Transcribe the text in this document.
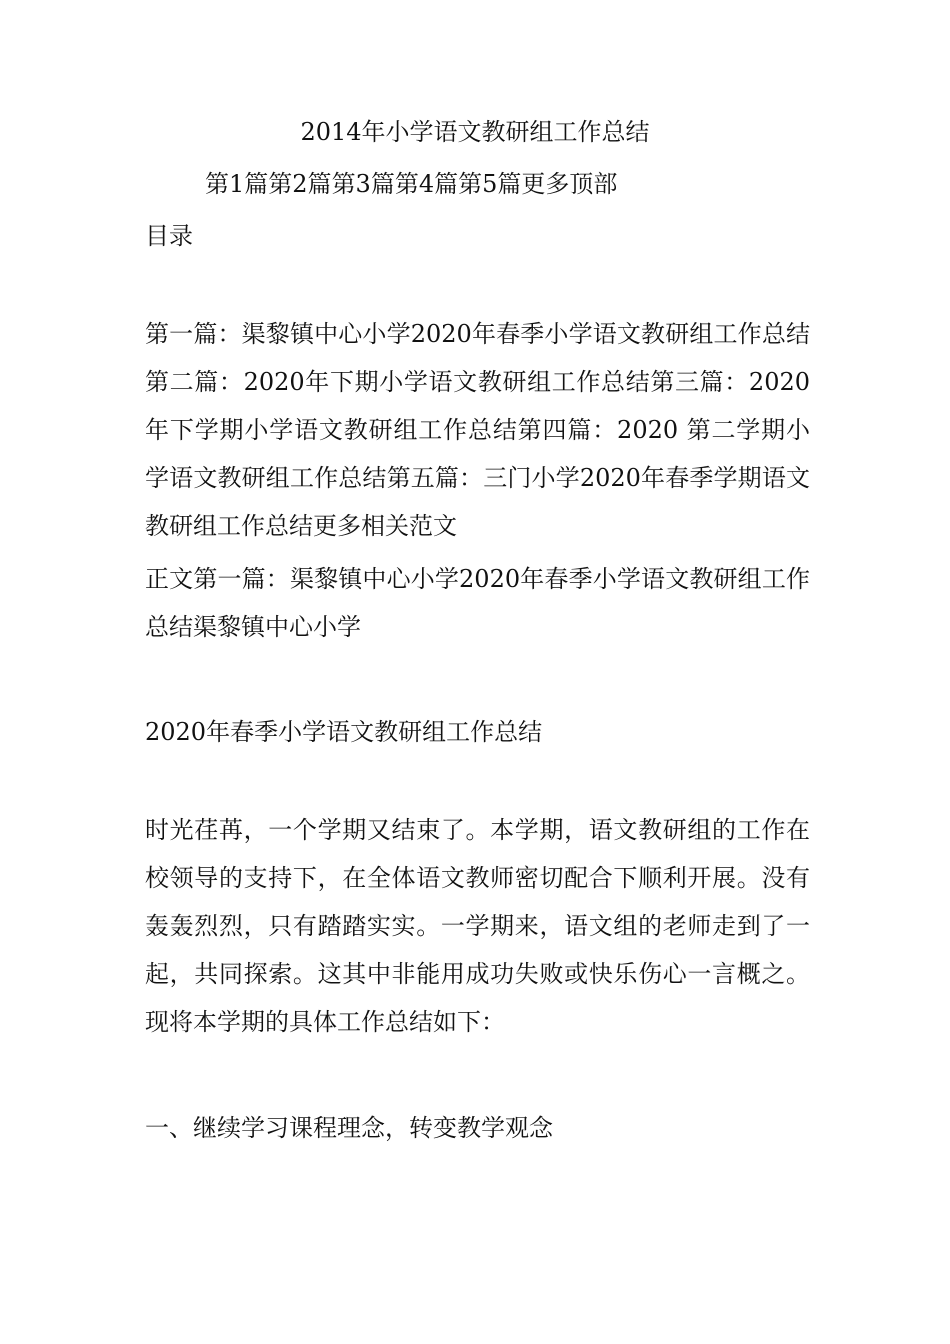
2014年小学语文教研组工作总结
第1篇第2篇第3篇第4篇第5篇更多顶部
目录
第一篇：渠黎镇中心小学2020年春季小学语文教研组工作总结第二篇：2020年下期小学语文教研组工作总结第三篇：2020年下学期小学语文教研组工作总结第四篇：2020 第二学期小学语文教研组工作总结第五篇：三门小学2020年春季学期语文教研组工作总结更多相关范文
正文第一篇：渠黎镇中心小学2020年春季小学语文教研组工作总结渠黎镇中心小学
2020年春季小学语文教研组工作总结
时光荏苒，一个学期又结束了。本学期，语文教研组的工作在校领导的支持下，在全体语文教师密切配合下顺利开展。没有轰轰烈烈，只有踏踏实实。一学期来，语文组的老师走到了一起，共同探索。这其中非能用成功失败或快乐伤心一言概之。现将本学期的具体工作总结如下：
一、继续学习课程理念，转变教学观念
